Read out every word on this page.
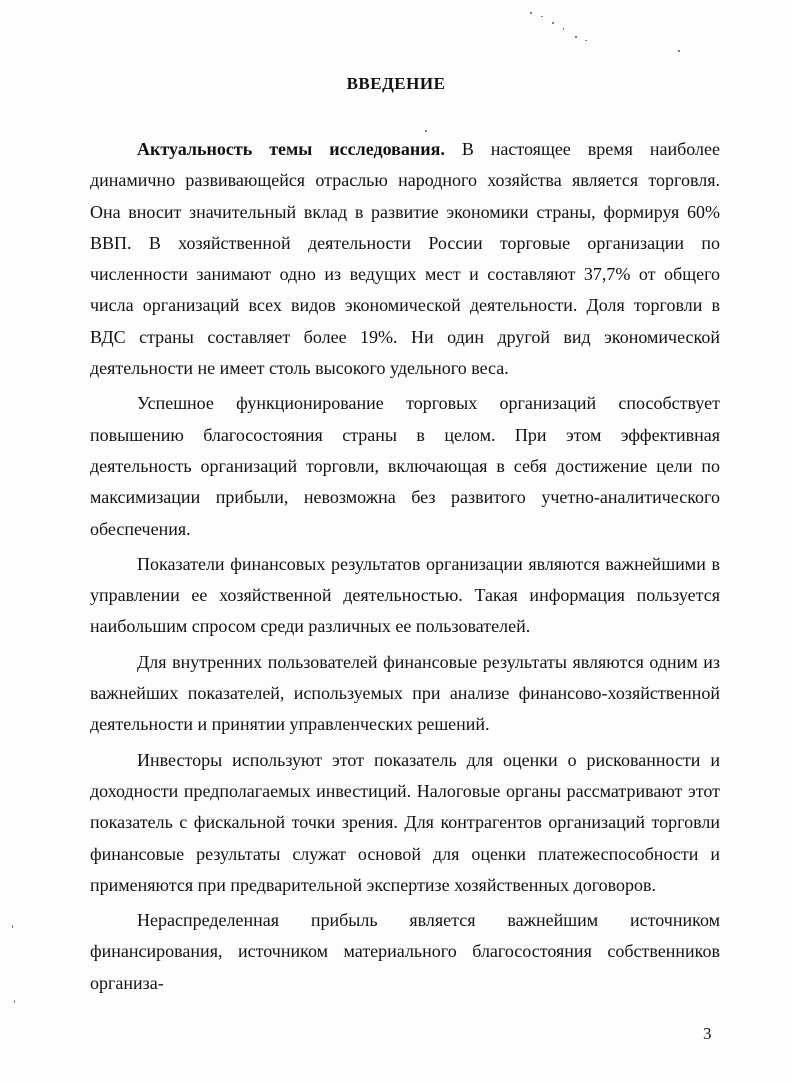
ВВЕДЕНИЕ

Актуальность темы исследования. В настоящее время наиболее динамично развивающейся отраслью народного хозяйства является торговля. Она вносит значительный вклад в развитие экономики страны, формируя 60% ВВП. В хозяйственной деятельности России торговые организации по численности занимают одно из ведущих мест и составляют 37,7% от общего числа организаций всех видов экономической деятельности. Доля торговли в ВДС страны составляет более 19%. Ни один другой вид экономической деятельности не имеет столь высокого удельного веса.

Успешное функционирование торговых организаций способствует повышению благосостояния страны в целом. При этом эффективная деятельность организаций торговли, включающая в себя достижение цели по максимизации прибыли, невозможна без развитого учетно-аналитического обеспечения.

Показатели финансовых результатов организации являются важнейшими в управлении ее хозяйственной деятельностью. Такая информация пользуется наибольшим спросом среди различных ее пользователей.

Для внутренних пользователей финансовые результаты являются одним из важнейших показателей, используемых при анализе финансово-хозяйственной деятельности и принятии управленческих решений.

Инвесторы используют этот показатель для оценки о рискованности и доходности предполагаемых инвестиций. Налоговые органы рассматривают этот показатель с фискальной точки зрения. Для контрагентов организаций торговли финансовые результаты служат основой для оценки платежеспособности и применяются при предварительной экспертизе хозяйственных договоров.

Нераспределенная прибыль является важнейшим источником финансирования, источником материального благосостояния собственников организа-

3
